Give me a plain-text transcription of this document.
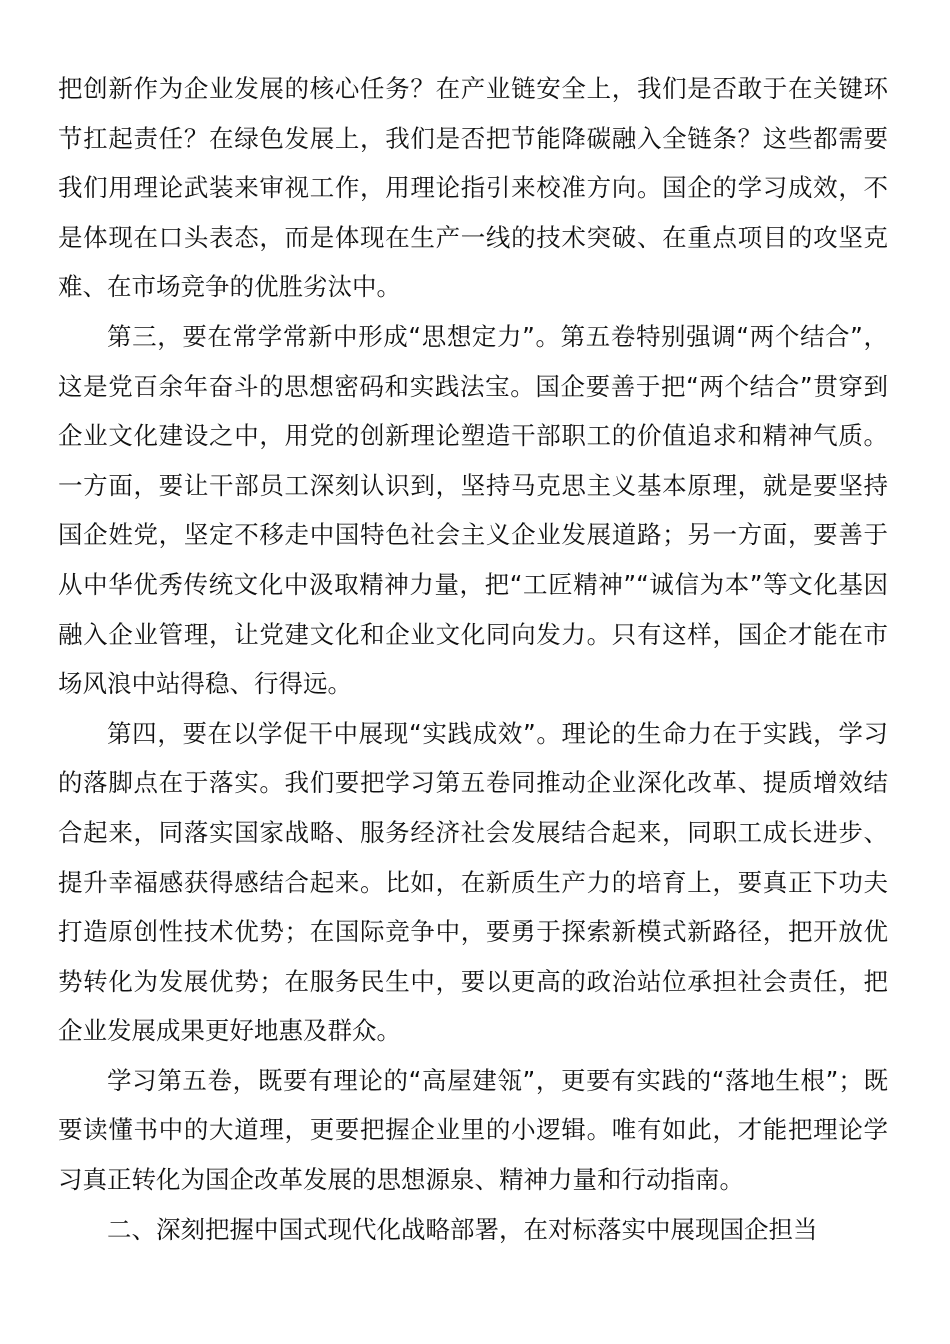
把创新作为企业发展的核心任务？在产业链安全上，我们是否敢于在关键环节扛起责任？在绿色发展上，我们是否把节能降碳融入全链条？这些都需要我们用理论武装来审视工作，用理论指引来校准方向。国企的学习成效，不是体现在口头表态，而是体现在生产一线的技术突破、在重点项目的攻坚克难、在市场竞争的优胜劣汰中。

第三，要在常学常新中形成“思想定力”。第五卷特别强调“两个结合”，这是党百余年奋斗的思想密码和实践法宝。国企要善于把“两个结合”贯穿到企业文化建设之中，用党的创新理论塑造干部职工的价值追求和精神气质。一方面，要让干部员工深刻认识到，坚持马克思主义基本原理，就是要坚持国企姓党，坚定不移走中国特色社会主义企业发展道路；另一方面，要善于从中华优秀传统文化中汲取精神力量，把“工匠精神”“诚信为本”等文化基因融入企业管理，让党建文化和企业文化同向发力。只有这样，国企才能在市场风浪中站得稳、行得远。

第四，要在以学促干中展现“实践成效”。理论的生命力在于实践，学习的落脚点在于落实。我们要把学习第五卷同推动企业深化改革、提质增效结合起来，同落实国家战略、服务经济社会发展结合起来，同职工成长进步、提升幸福感获得感结合起来。比如，在新质生产力的培育上，要真正下功夫打造原创性技术优势；在国际竞争中，要勇于探索新模式新路径，把开放优势转化为发展优势；在服务民生中，要以更高的政治站位承担社会责任，把企业发展成果更好地惠及群众。

学习第五卷，既要有理论的“高屋建瓴”，更要有实践的“落地生根”；既要读懂书中的大道理，更要把握企业里的小逻辑。唯有如此，才能把理论学习真正转化为国企改革发展的思想源泉、精神力量和行动指南。

二、深刻把握中国式现代化战略部署，在对标落实中展现国企担当
